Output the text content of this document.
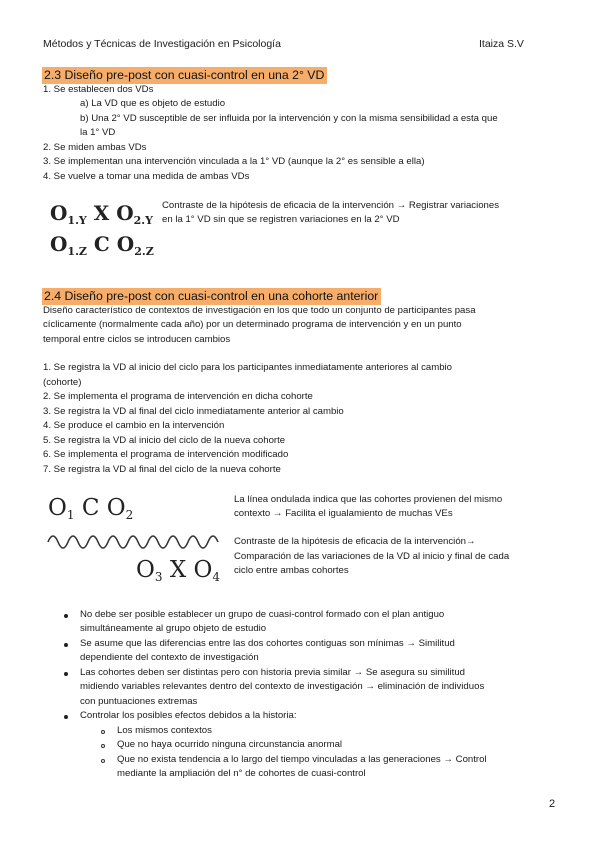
Métodos y Técnicas de Investigación en Psicología	Itaiza S.V
2.3 Diseño pre-post con cuasi-control en una 2° VD
1. Se establecen dos VDs
a) La VD que es objeto de estudio
b) Una 2° VD susceptible de ser influida por la intervención y con la misma sensibilidad a esta que
la 1° VD
2. Se miden ambas VDs
3. Se implementan una intervención vinculada a la 1° VD (aunque la 2° es sensible a ella)
4. Se vuelve a tomar una medida de ambas VDs
$O_{1.Y}$ X $O_{2.Y}$
$O_{1.Z}$ C $O_{2.Z}$
Contraste de la hipótesis de eficacia de la intervención → Registrar variaciones
en la 1° VD sin que se registren variaciones en la 2° VD
2.4 Diseño pre-post con cuasi-control en una cohorte anterior
Diseño característico de contextos de investigación en los que todo un conjunto de participantes pasa
cíclicamente (normalmente cada año) por un determinado programa de intervención y en un punto
temporal entre ciclos se introducen cambios
1. Se registra la VD al inicio del ciclo para los participantes inmediatamente anteriores al cambio
(cohorte)
2. Se implementa el programa de intervención en dicha cohorte
3. Se registra la VD al final del ciclo inmediatamente anterior al cambio
4. Se produce el cambio en la intervención
5. Se registra la VD al inicio del ciclo de la nueva cohorte
6. Se implementa el programa de intervención modificado
7. Se registra la VD al final del ciclo de la nueva cohorte
$O_1$ C $O_2$
$O_3$ X $O_4$
La línea ondulada indica que las cohortes provienen del mismo
contexto → Facilita el igualamiento de muchas VEs
Contraste de la hipótesis de eficacia de la intervención→
Comparación de las variaciones de la VD al inicio y final de cada
ciclo entre ambas cohortes
No debe ser posible establecer un grupo de cuasi-control formado con el plan antiguo
simultáneamente al grupo objeto de estudio
Se asume que las diferencias entre las dos cohortes contiguas son mínimas → Similitud
dependiente del contexto de investigación
Las cohortes deben ser distintas pero con historia previa similar → Se asegura su similitud
midiendo variables relevantes dentro del contexto de investigación → eliminación de individuos
con puntuaciones extremas
Controlar los posibles efectos debidos a la historia:
Los mismos contextos
Que no haya ocurrido ninguna circunstancia anormal
Que no exista tendencia a lo largo del tiempo vinculadas a las generaciones → Control
mediante la ampliación del n° de cohortes de cuasi-control
2
